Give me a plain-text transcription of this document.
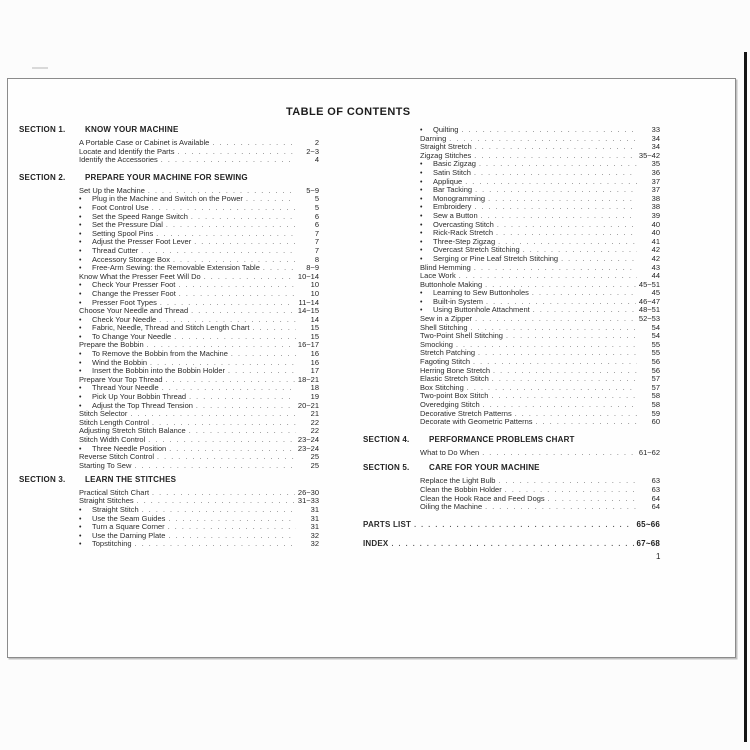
TABLE OF CONTENTS
SECTION 1.	KNOW YOUR MACHINE
A Portable Case or Cabinet is Available . . .	2
Locate and Identify the Parts . . .	2~3
Identify the Accessories . . .	4
SECTION 2.	PREPARE YOUR MACHINE FOR SEWING
Set Up the Machine . . .	5~9
•	Plug in the Machine and Switch on the Power . . .	5
•	Foot Control Use . . .	5
•	Set the Speed Range Switch . . .	6
•	Set the Pressure Dial . . .	6
•	Setting Spool Pins . . .	7
•	Adjust the Presser Foot Lever . . .	7
•	Thread Cutter . . .	7
•	Accessory Storage Box . . .	8
•	Free-Arm Sewing: the Removable Extension Table . . .	8~9
Know What the Presser Feet Will Do . . .	10~14
•	Check Your Presser Foot . . .	10
•	Change the Presser Foot . . .	10
•	Presser Foot Types . . .	11~14
Choose Your Needle and Thread . . .	14~15
•	Check Your Needle . . .	14
•	Fabric, Needle, Thread and Stitch Length Chart . . .	15
•	To Change Your Needle . . .	15
Prepare the Bobbin . . .	16~17
•	To Remove the Bobbin from the Machine . . .	16
•	Wind the Bobbin . . .	16
•	Insert the Bobbin into the Bobbin Holder . . .	17
Prepare Your Top Thread . . .	18~21
•	Thread Your Needle . . .	18
•	Pick Up Your Bobbin Thread . . .	19
•	Adjust the Top Thread Tension . . .	20~21
Stitch Selector . . .	21
Stitch Length Control . . .	22
Adjusting Stretch Stitch Balance . . .	22
Stitch Width Control . . .	23~24
•	Three Needle Position . . .	23~24
Reverse Stitch Control . . .	25
Starting To Sew . . .	25
SECTION 3.	LEARN THE STITCHES
Practical Stitch Chart . . .	26~30
Straight Stitches . . .	31~33
•	Straight Stitch . . .	31
•	Use the Seam Guides . . .	31
•	Turn a Square Corner . . .	31
•	Use the Darning Plate . . .	32
•	Topstitching . . .	32
•	Quilting . . .	33
Darning . . .	34
Straight Stretch . . .	34
Zigzag Stitches . . .	35~42
•	Basic Zigzag . . .	35
•	Satin Stitch . . .	36
•	Applique . . .	37
•	Bar Tacking . . .	37
•	Monogramming . . .	38
•	Embroidery . . .	38
•	Sew a Button . . .	39
•	Overcasting Stitch . . .	40
•	Rick-Rack Stretch . . .	40
•	Three-Step Zigzag . . .	41
•	Overcast Stretch Stitching . . .	42
•	Serging or Pine Leaf Stretch Stitching . . .	42
Blind Hemming . . .	43
Lace Work . . .	44
Buttonhole Making . . .	45~51
•	Learning to Sew Buttonholes . . .	45
•	Built-in System . . .	46~47
•	Using Buttonhole Attachment . . .	48~51
Sew in a Zipper . . .	52~53
Shell Stitching . . .	54
Two-Point Shell Stitching . . .	54
Smocking . . .	55
Stretch Patching . . .	55
Fagoting Stitch . . .	56
Herring Bone Stretch . . .	56
Elastic Stretch Stitch . . .	57
Box Stitching . . .	57
Two-point Box Stitch . . .	58
Overedging Stitch . . .	58
Decorative Stretch Patterns . . .	59
Decorate with Geometric Patterns . . .	60
SECTION 4.	PERFORMANCE PROBLEMS CHART
What to Do When . . .	61~62
SECTION 5.	CARE FOR YOUR MACHINE
Replace the Light Bulb . . .	63
Clean the Bobbin Holder . . .	63
Clean the Hook Race and Feed Dogs . . .	64
Oiling the Machine . . .	64
PARTS LIST . . .	65~66
INDEX . . .	67~68
1
